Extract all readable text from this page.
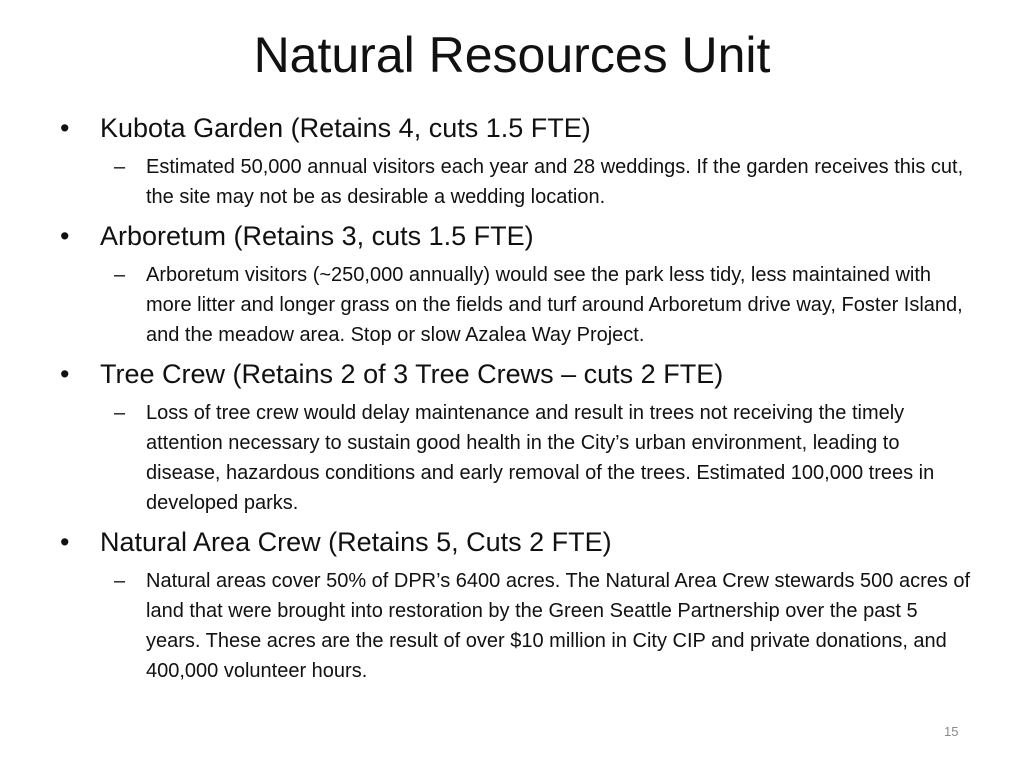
Natural Resources Unit
•	Kubota Garden (Retains 4, cuts 1.5 FTE)
– Estimated 50,000 annual visitors each year and 28 weddings. If the garden receives this cut, the site may not be as desirable a wedding location.
•	Arboretum (Retains 3, cuts 1.5 FTE)
– Arboretum visitors (~250,000 annually) would see the park less tidy, less maintained with more litter and longer grass on the fields and turf around Arboretum drive way, Foster Island, and the meadow area. Stop or slow Azalea Way Project.
•	Tree Crew (Retains 2 of 3 Tree Crews – cuts 2 FTE)
– Loss of tree crew would delay maintenance and result in trees not receiving the timely attention necessary to sustain good health in the City’s urban environment, leading to disease, hazardous conditions and early removal of the trees. Estimated 100,000 trees in developed parks.
•	Natural Area Crew (Retains 5, Cuts 2 FTE)
– Natural areas cover 50% of DPR’s 6400 acres. The Natural Area Crew stewards 500 acres of land that were brought into restoration by the Green Seattle Partnership over the past 5 years. These acres are the result of over $10 million in City CIP and private donations, and 400,000 volunteer hours.
15
